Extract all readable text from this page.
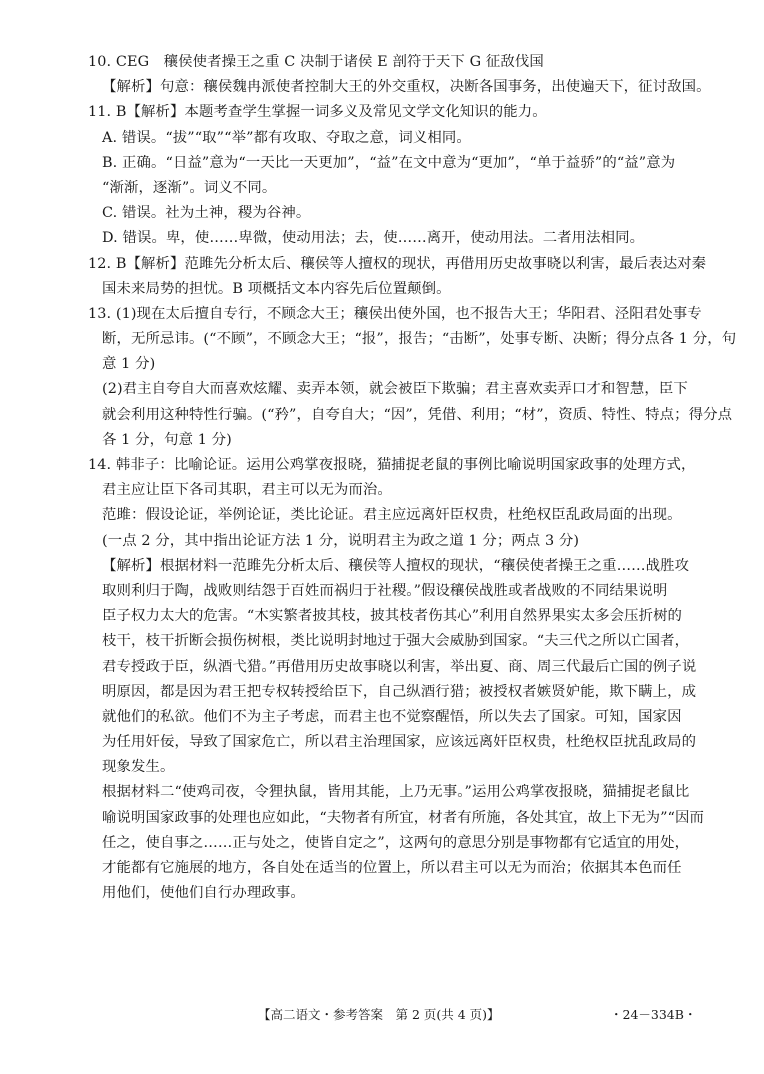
10. CEG　穰侯使者操王之重 C 决制于诸侯 E 剖符于天下 G 征敌伐国
【解析】句意：穰侯魏冉派使者控制大王的外交重权，决断各国事务，出使遍天下，征讨敌国。
11. B【解析】本题考查学生掌握一词多义及常见文学文化知识的能力。
A. 错误。“拔”“取”“举”都有攻取、夺取之意，词义相同。
B. 正确。“日益”意为“一天比一天更加”，“益”在文中意为“更加”，“单于益骄”的“益”意为
“渐渐，逐渐”。词义不同。
C. 错误。社为土神，稷为谷神。
D. 错误。卑，使……卑微，使动用法；去，使……离开，使动用法。二者用法相同。
12. B【解析】范雎先分析太后、穰侯等人擅权的现状，再借用历史故事晓以利害，最后表达对秦
国未来局势的担忧。B 项概括文本内容先后位置颠倒。
13. (1)现在太后擅自专行，不顾念大王；穰侯出使外国，也不报告大王；华阳君、泾阳君处事专
断，无所忌讳。(“不顾”，不顾念大王；“报”，报告；“击断”，处事专断、决断；得分点各 1 分，句
意 1 分)
(2)君主自夸自大而喜欢炫耀、卖弄本领，就会被臣下欺骗；君主喜欢卖弄口才和智慧，臣下
就会利用这种特性行骗。(“矜”，自夸自大；“因”，凭借、利用；“材”，资质、特性、特点；得分点
各 1 分，句意 1 分)
14. 韩非子：比喻论证。运用公鸡掌夜报晓，猫捕捉老鼠的事例比喻说明国家政事的处理方式，
君主应让臣下各司其职，君主可以无为而治。
范雎：假设论证，举例论证，类比论证。君主应远离奸臣权贵，杜绝权臣乱政局面的出现。
(一点 2 分，其中指出论证方法 1 分，说明君主为政之道 1 分；两点 3 分)
【解析】根据材料一范雎先分析太后、穰侯等人擅权的现状，“穰侯使者操王之重……战胜攻
取则利归于陶，战败则结怨于百姓而祸归于社稷。”假设穰侯战胜或者战败的不同结果说明
臣子权力太大的危害。“木实繁者披其枝，披其枝者伤其心”利用自然界果实太多会压折树的
枝干，枝干折断会损伤树根，类比说明封地过于强大会威胁到国家。“夫三代之所以亡国者，
君专授政于臣，纵酒弋猎。”再借用历史故事晓以利害，举出夏、商、周三代最后亡国的例子说
明原因，都是因为君王把专权转授给臣下，自己纵酒行猎；被授权者嫉贤妒能，欺下瞒上，成
就他们的私欲。他们不为主子考虑，而君主也不觉察醒悟，所以失去了国家。可知，国家因
为任用奸佞，导致了国家危亡，所以君主治理国家，应该远离奸臣权贵，杜绝权臣扰乱政局的
现象发生。
根据材料二“使鸡司夜，令狸执鼠，皆用其能，上乃无事。”运用公鸡掌夜报晓，猫捕捉老鼠比
喻说明国家政事的处理也应如此，“夫物者有所宜，材者有所施，各处其宜，故上下无为”“因而
任之，使自事之……正与处之，使皆自定之”，这两句的意思分别是事物都有它适宜的用处，
才能都有它施展的地方，各自处在适当的位置上，所以君主可以无为而治；依据其本色而任
用他们，使他们自行办理政事。
【高二语文・参考答案　第 2 页(共 4 页)】	・24－334B・
